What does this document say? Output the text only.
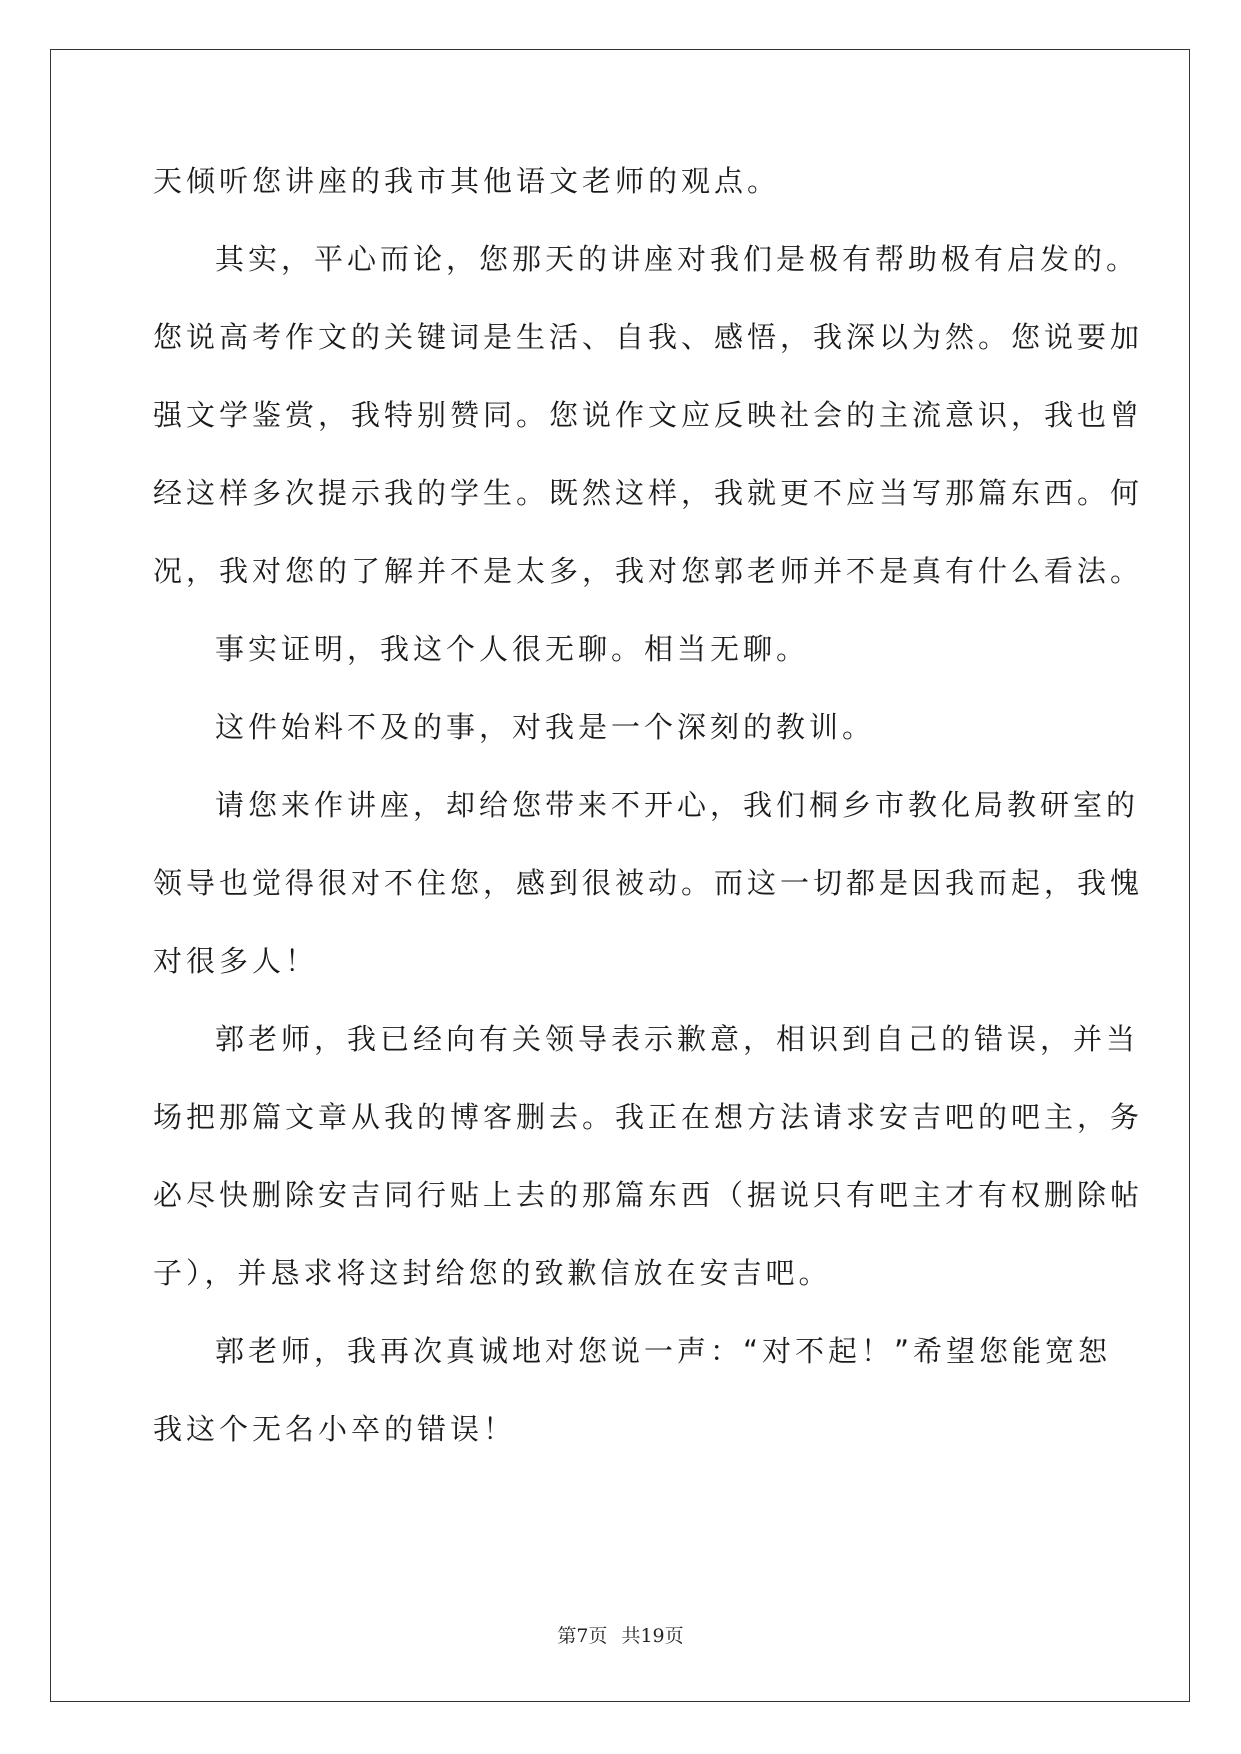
天倾听您讲座的我市其他语文老师的观点。
其实，平心而论，您那天的讲座对我们是极有帮助极有启发的。
您说高考作文的关键词是生活、自我、感悟，我深以为然。您说要加
强文学鉴赏，我特别赞同。您说作文应反映社会的主流意识，我也曾
经这样多次提示我的学生。既然这样，我就更不应当写那篇东西。何
况，我对您的了解并不是太多，我对您郭老师并不是真有什么看法。
事实证明，我这个人很无聊。相当无聊。
这件始料不及的事，对我是一个深刻的教训。
请您来作讲座，却给您带来不开心，我们桐乡市教化局教研室的
领导也觉得很对不住您，感到很被动。而这一切都是因我而起，我愧
对很多人！
郭老师，我已经向有关领导表示歉意，相识到自己的错误，并当
场把那篇文章从我的博客删去。我正在想方法请求安吉吧的吧主，务
必尽快删除安吉同行贴上去的那篇东西（据说只有吧主才有权删除帖
子），并恳求将这封给您的致歉信放在安吉吧。
郭老师，我再次真诚地对您说一声：“对不起！”希望您能宽恕
我这个无名小卒的错误！
第7页 共19页
